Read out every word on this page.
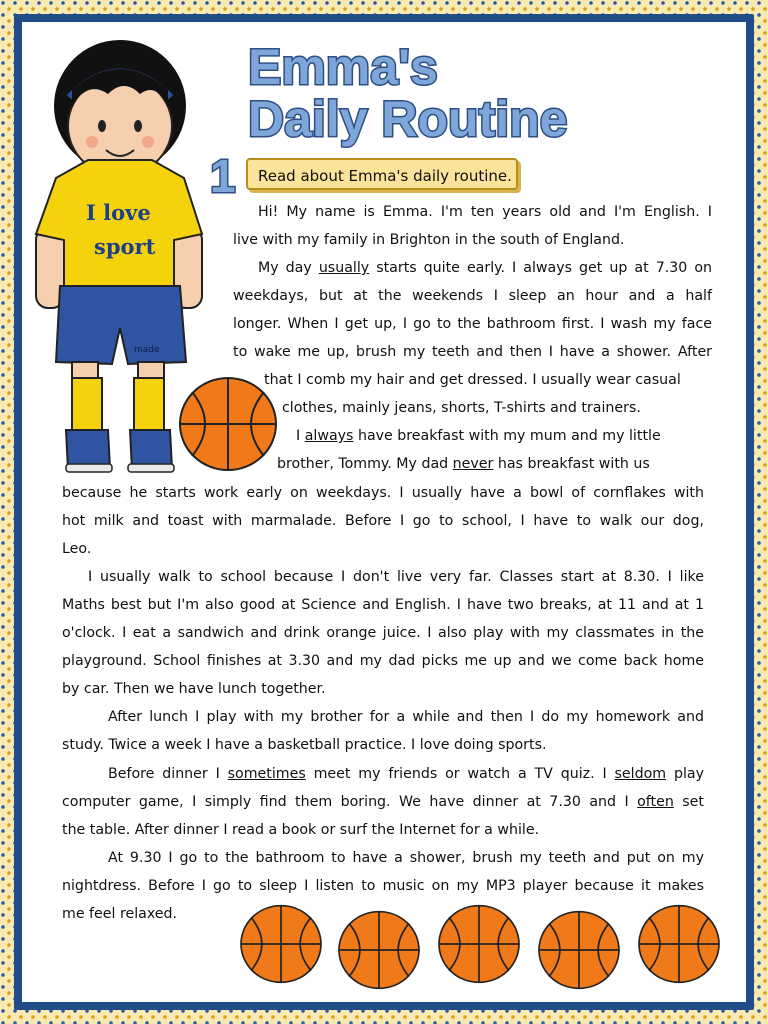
Emma's
Daily Routine
1	Read about Emma's daily routine.
I love
sport
made
Hi! My name is Emma. I'm ten years old and I'm English. I
live with my family in Brighton in the south of England.
My day usually starts quite early. I always get up at 7.30 on
weekdays, but at the weekends I sleep an hour and a half
longer. When I get up, I go to the bathroom first. I wash my face
to wake me up, brush my teeth and then I have a shower. After
that I comb my hair and get dressed. I usually wear casual
clothes, mainly jeans, shorts, T-shirts and trainers.
I always have breakfast with my mum and my little
brother, Tommy. My dad never has breakfast with us
because he starts work early on weekdays. I usually have a bowl of cornflakes with
hot milk and toast with marmalade. Before I go to school, I have to walk our dog,
Leo.
I usually walk to school because I don't live very far. Classes start at 8.30. I like
Maths best but I'm also good at Science and English. I have two breaks, at 11 and at 1
o'clock. I eat a sandwich and drink orange juice. I also play with my classmates in the
playground. School finishes at 3.30 and my dad picks me up and we come back home
by car. Then we have lunch together.
After lunch I play with my brother for a while and then I do my homework and
study. Twice a week I have a basketball practice. I love doing sports.
Before dinner I sometimes meet my friends or watch a TV quiz. I seldom play
computer game, I simply find them boring. We have dinner at 7.30 and I often set
the table. After dinner I read a book or surf the Internet for a while.
At 9.30 I go to the bathroom to have a shower, brush my teeth and put on my
nightdress. Before I go to sleep I listen to music on my MP3 player because it makes
me feel relaxed.
